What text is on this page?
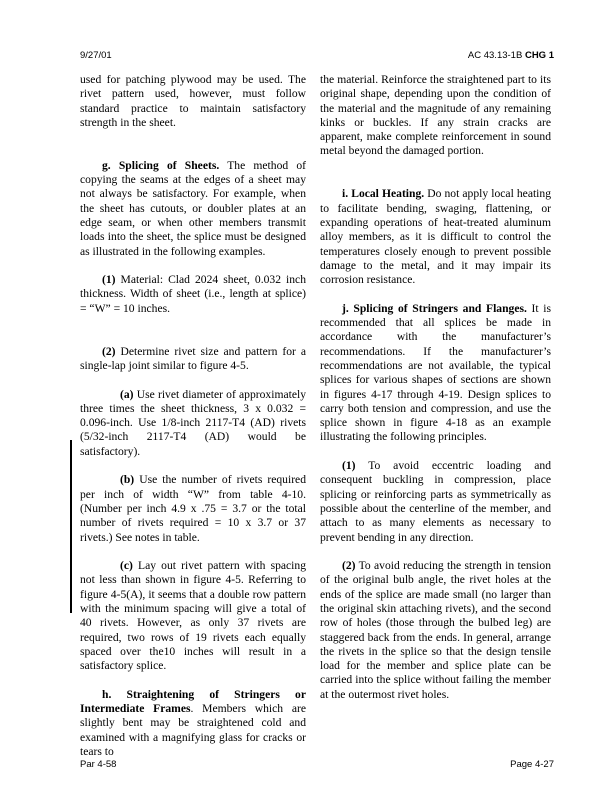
9/27/01	AC 43.13-1B CHG 1

used for patching plywood may be used. The rivet pattern used, however, must follow standard practice to maintain satisfactory strength in the sheet.

g. Splicing of Sheets. The method of copying the seams at the edges of a sheet may not always be satisfactory. For example, when the sheet has cutouts, or doubler plates at an edge seam, or when other members transmit loads into the sheet, the splice must be designed as illustrated in the following examples.

(1) Material: Clad 2024 sheet, 0.032 inch thickness. Width of sheet (i.e., length at splice) = “W” = 10 inches.

(2) Determine rivet size and pattern for a single-lap joint similar to figure 4-5.

(a) Use rivet diameter of approximately three times the sheet thickness, 3 x 0.032 = 0.096-inch. Use 1/8-inch 2117-T4 (AD) rivets (5/32-inch 2117-T4 (AD) would be satisfactory).

(b) Use the number of rivets required per inch of width “W” from table 4-10. (Number per inch 4.9 x .75 = 3.7 or the total number of rivets required = 10 x 3.7 or 37 rivets.) See notes in table.

(c) Lay out rivet pattern with spacing not less than shown in figure 4-5. Referring to figure 4-5(A), it seems that a double row pattern with the minimum spacing will give a total of 40 rivets. However, as only 37 rivets are required, two rows of 19 rivets each equally spaced over the10 inches will result in a satisfactory splice.

h. Straightening of Stringers or Intermediate Frames. Members which are slightly bent may be straightened cold and examined with a magnifying glass for cracks or tears to

the material. Reinforce the straightened part to its original shape, depending upon the condition of the material and the magnitude of any remaining kinks or buckles. If any strain cracks are apparent, make complete reinforcement in sound metal beyond the damaged portion.

i. Local Heating. Do not apply local heating to facilitate bending, swaging, flattening, or expanding operations of heat-treated aluminum alloy members, as it is difficult to control the temperatures closely enough to prevent possible damage to the metal, and it may impair its corrosion resistance.

j. Splicing of Stringers and Flanges. It is recommended that all splices be made in accordance with the manufacturer’s recommendations. If the manufacturer’s recommendations are not available, the typical splices for various shapes of sections are shown in figures 4-17 through 4-19. Design splices to carry both tension and compression, and use the splice shown in figure 4-18 as an example illustrating the following principles.

(1) To avoid eccentric loading and consequent buckling in compression, place splicing or reinforcing parts as symmetrically as possible about the centerline of the member, and attach to as many elements as necessary to prevent bending in any direction.

(2) To avoid reducing the strength in tension of the original bulb angle, the rivet holes at the ends of the splice are made small (no larger than the original skin attaching rivets), and the second row of holes (those through the bulbed leg) are staggered back from the ends. In general, arrange the rivets in the splice so that the design tensile load for the member and splice plate can be carried into the splice without failing the member at the outermost rivet holes.

Par 4-58	Page 4-27
